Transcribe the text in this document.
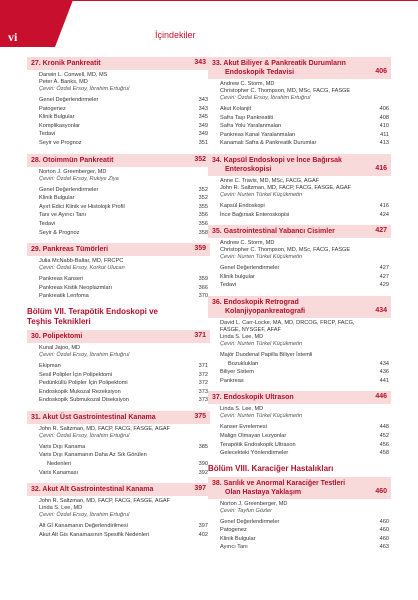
vi	İçindekiler
27. Kronik Pankreatit	343
Darwin L. Conwell, MD, MS
Peter A. Banks, MD
Çeviri: Özdal Ersoy, İbrahim Ertuğrul
Genel Değerlendirmeler	343
Patogenez	343
Klinik Bulgular	345
Komplikasyonlar	349
Tedavi	349
Seyir ve Prognoz	351
28. Otoimmün Pankreatit	352
Norton J. Greenberger, MD
Çeviri: Özdal Ersoy, Rukiye Ziya
Genel Değerlendirmeler	352
Klinik Bulgular	352
Ayırt Edici Klinik ve Histolojik Profil	355
Tanı ve Ayırıcı Tanı	356
Tedavi	356
Seyir & Prognoz	358
29. Pankreas Tümörleri	359
Julia McNabb-Baltar, MD, FRCPC
Çeviri: Özdal Ersoy, Korkut Ulucan
Pankreas Kanseri	359
Pankreas Kistik Neoplazmları	366
Pankreatik Lenfoma	370
Bölüm VII. Terapötik Endoskopi ve
Teşhis Teknikleri
30. Polipektomi	371
Kunal Jajoo, MD
Çeviri: Özdal Ersoy, İbrahim Ertuğrul
Ekipman	371
Sesil Polipler İçin Polipektomi	372
Pedünküllü Polipler İçin Polipektomi	372
Endoskopik Mukozal Rezeksiyon	373
Endoskopik Submukozal Diseksiyon	373
31. Akut Üst Gastrointestinal Kanama	375
John R. Saltzman, MD, FACP, FACG, FASGE, AGAF
Çeviri: Özdal Ersoy, İbrahim Ertuğrul
Varis Dışı Kanama	385
Varis Dışı Kanamanın Daha Az Sık Görülen
Nedenleri	390
Varis Kanaması	392
32. Akut Alt Gastrointestinal Kanama	397
John R. Saltzman, MD, FACP, FACG, FASGE, AGAF
Linda S. Lee, MD
Çeviri: Özdal Ersoy, İbrahim Ertuğrul
Alt Gİ Kanamanın Değerlendirilmesi	397
Akut Alt Gis Kanamasının Spesifik Nedenleri	402
33. Akut Biliyer & Pankreatik Durumların
Endoskopik Tedavisi	406
Andrew C. Storm, MD
Christopher C. Thompson, MD, MSc, FACG, FASGE
Çeviri: Özdal Ersoy, İbrahim Ertuğrul
Akut Kolanjit	406
Safra Taşı Pankreatiti	408
Safra Yolu Yaralanmaları	410
Pankreas Kanal Yaralanmaları	411
Kanamalı Safra & Pankreatik Durumlar	413
34. Kapsül Endoskopi ve İnce Bağırsak
Enteroskopisi	416
Anne C. Travis, MD, MSc, FACG, AGAF
John R. Saltzman, MD, FACP, FACG, FASGE, AGAF
Çeviri: Nurten Türkel Küçükmetin
Kapsül Endoskopi	416
İnce Bağırsak Enteroskopisi	424
35. Gastrointestinal Yabancı Cisimler	427
Andrew C. Storm, MD
Christopher C. Thompson, MD, MSc, FACG, FASGE
Çeviri: Nurten Türkel Küçükmetin
Genel Değerlendirmeler	427
Klinik bulgular	427
Tedavi	429
36. Endoskopik Retrograd
Kolanjiyopankreatografi	434
David L. Carr-Locke, MA, MD, DRCOG, FRCP, FACG,
FASGE, NYSGEF, AFAF
Linda S. Lee, MD
Çeviri: Nurten Türkel Küçükmetin
Majör Duodenal Papilla Biliyer İstemli
Bozuklukları	434
Biliyer Sistem	436
Pankreas	441
37. Endoskopik Ultrason	446
Linda S. Lee, MD
Çeviri: Nurten Türkel Küçükmetin
Kanser Evrelemesi	448
Malign Olmayan Lezyonlar	452
Terapötik Endoskopik Ultrason	456
Gelecekteki Yönlendirmeler	458
Bölüm VIII. Karaciğer Hastalıkları
38. Sarılık ve Anormal Karaciğer Testleri
Olan Hastaya Yaklaşım	460
Norton J. Greenberger, MD
Çeviri: Tayfun Gözler
Genel Değerlendirmeler	460
Patogenez	460
Klinik Bulgular	460
Ayırıcı Tanı	463
